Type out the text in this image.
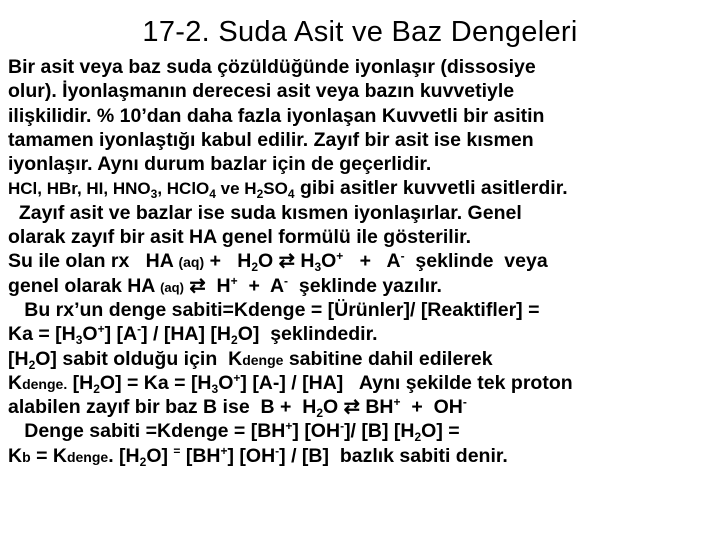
17-2. Suda Asit ve Baz Dengeleri
Bir asit veya baz suda çözüldüğünde iyonlaşır (dissosiye
olur). İyonlaşmanın derecesi asit veya bazın kuvvetiyle
ilişkilidir. % 10’dan daha fazla iyonlaşan Kuvvetli bir asitin
tamamen iyonlaştığı kabul edilir. Zayıf bir asit ise kısmen
iyonlaşır. Aynı durum bazlar için de geçerlidir.
HCl, HBr, HI, $HNO_3$, HClO$_4$ ve $H_2SO_4$ gibi asitler kuvvetli asitlerdir.
Zayıf asit ve bazlar ise suda kısmen iyonlaşırlar. Genel
olarak zayıf bir asit HA genel formülü ile gösterilir.
Su ile olan rx   HA $(aq) + H_2O$ ⇄ $H_3O^+ + A^-$  şeklinde  veya
genel olarak HA (aq) ⇄  H+  +  A-  şeklinde yazılır.
Bu rx’un denge sabiti=Kdenge = [Ürünler]/ [Reaktifler] =
$Ka = [H_3O^+]$ [A-] / [HA] $[H_2O]$  şeklindedir.
$[H_2O]$ sabit olduğu için  Kdenge sabitine dahil edilerek
Kdenge. $[H_2O] = Ka = [H_3O^+]$ [A-] / [HA]   Aynı şekilde tek proton
alabilen zayıf bir baz B ise  $B + H_2O$ ⇄ BH+  +  OH-
Denge sabiti =Kdenge = [BH+] [OH-]/ [B] $[H_2O]$ =
Kb = Kdenge. $[H_2O]$ = [BH+] [OH-] / [B]  bazlık sabiti denir.
